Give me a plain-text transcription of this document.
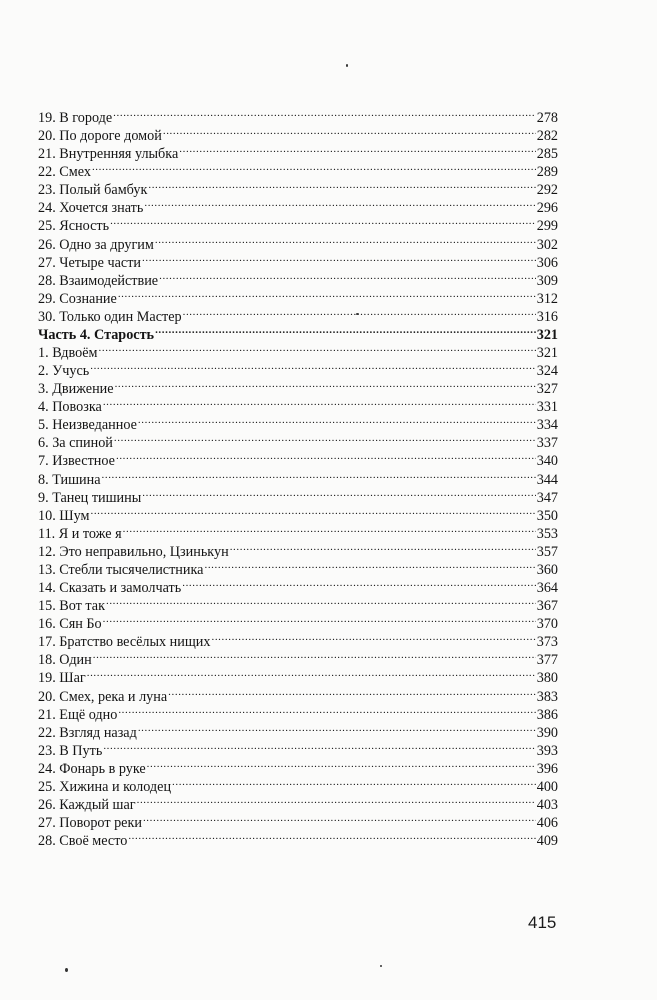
19. В городе .....	278
20. По дороге домой .....	282
21. Внутренняя улыбка .....	285
22. Смех .....	289
23. Полый бамбук .....	292
24. Хочется знать .....	296
25. Ясность .....	299
26. Одно за другим .....	302
27. Четыре части .....	306
28. Взаимодействие .....	309
29. Сознание .....	312
30. Только один Мастер .....	316
Часть 4. Старость .....	321
1. Вдвоём .....	321
2. Учусь .....	324
3. Движение .....	327
4. Повозка .....	331
5. Неизведанное .....	334
6. За спиной .....	337
7. Известное .....	340
8. Тишина .....	344
9. Танец тишины .....	347
10. Шум .....	350
11. Я и тоже я .....	353
12. Это неправильно, Цзинькун .....	357
13. Стебли тысячелистника .....	360
14. Сказать и замолчать .....	364
15. Вот так .....	367
16. Сян Бо .....	370
17. Братство весёлых нищих .....	373
18. Один .....	377
19. Шаг .....	380
20. Смех, река и луна .....	383
21. Ещё одно .....	386
22. Взгляд назад .....	390
23. В Путь .....	393
24. Фонарь в руке .....	396
25. Хижина и колодец .....	400
26. Каждый шаг .....	403
27. Поворот реки .....	406
28. Своё место .....	409
415
